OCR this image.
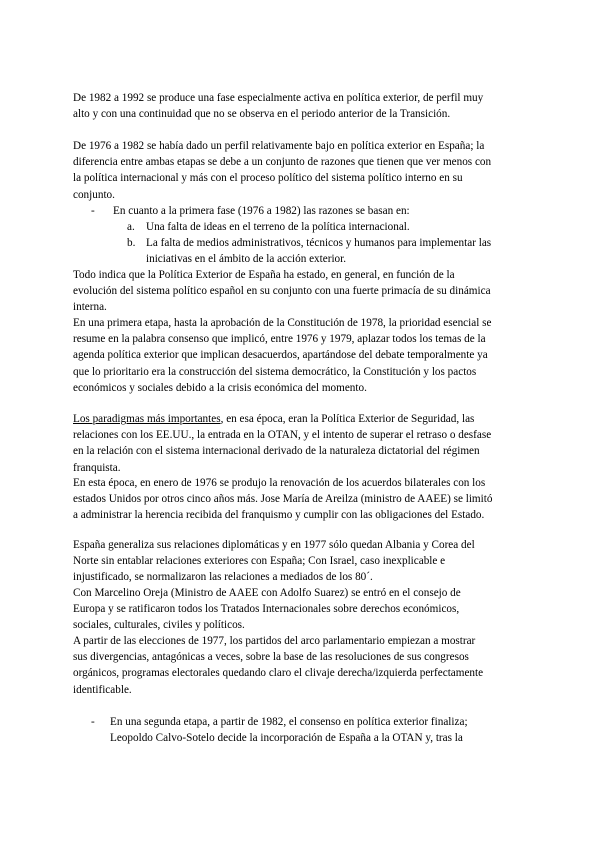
De 1982 a 1992 se produce una fase especialmente activa en política exterior, de perfil muy
alto y con una continuidad que no se observa en el periodo anterior de la Transición.
De 1976 a 1982 se había dado un perfil relativamente bajo en política exterior en España; la
diferencia entre ambas etapas se debe a un conjunto de razones que tienen que ver menos con
la política internacional y más con el proceso político del sistema político interno en su
conjunto.
- En cuanto a la primera fase (1976 a 1982) las razones se basan en:
a. Una falta de ideas en el terreno de la política internacional.
b. La falta de medios administrativos, técnicos y humanos para implementar las
iniciativas en el ámbito de la acción exterior.
Todo indica que la Política Exterior de España ha estado, en general, en función de la
evolución del sistema político español en su conjunto con una fuerte primacía de su dinámica
interna.
En una primera etapa, hasta la aprobación de la Constitución de 1978, la prioridad esencial se
resume en la palabra consenso que implicó, entre 1976 y 1979, aplazar todos los temas de la
agenda política exterior que implican desacuerdos, apartándose del debate temporalmente ya
que lo prioritario era la construcción del sistema democrático, la Constitución y los pactos
económicos y sociales debido a la crisis económica del momento.
Los paradigmas más importantes, en esa época, eran la Política Exterior de Seguridad, las
relaciones con los EE.UU., la entrada en la OTAN, y el intento de superar el retraso o desfase
en la relación con el sistema internacional derivado de la naturaleza dictatorial del régimen
franquista.
En esta época, en enero de 1976 se produjo la renovación de los acuerdos bilaterales con los
estados Unidos por otros cinco años más. Jose María de Areilza (ministro de AAEE) se limitó
a administrar la herencia recibida del franquismo y cumplir con las obligaciones del Estado.
España generaliza sus relaciones diplomáticas y en 1977 sólo quedan Albania y Corea del
Norte sin entablar relaciones exteriores con España; Con Israel, caso inexplicable e
injustificado, se normalizaron las relaciones a mediados de los 80´.
Con Marcelino Oreja (Ministro de AAEE con Adolfo Suarez) se entró en el consejo de
Europa y se ratificaron todos los Tratados Internacionales sobre derechos económicos,
sociales, culturales, civiles y políticos.
A partir de las elecciones de 1977, los partidos del arco parlamentario empiezan a mostrar
sus divergencias, antagónicas a veces, sobre la base de las resoluciones de sus congresos
orgánicos, programas electorales quedando claro el clivaje derecha/izquierda perfectamente
identificable.
- En una segunda etapa, a partir de 1982, el consenso en política exterior finaliza;
Leopoldo Calvo-Sotelo decide la incorporación de España a la OTAN y, tras la
